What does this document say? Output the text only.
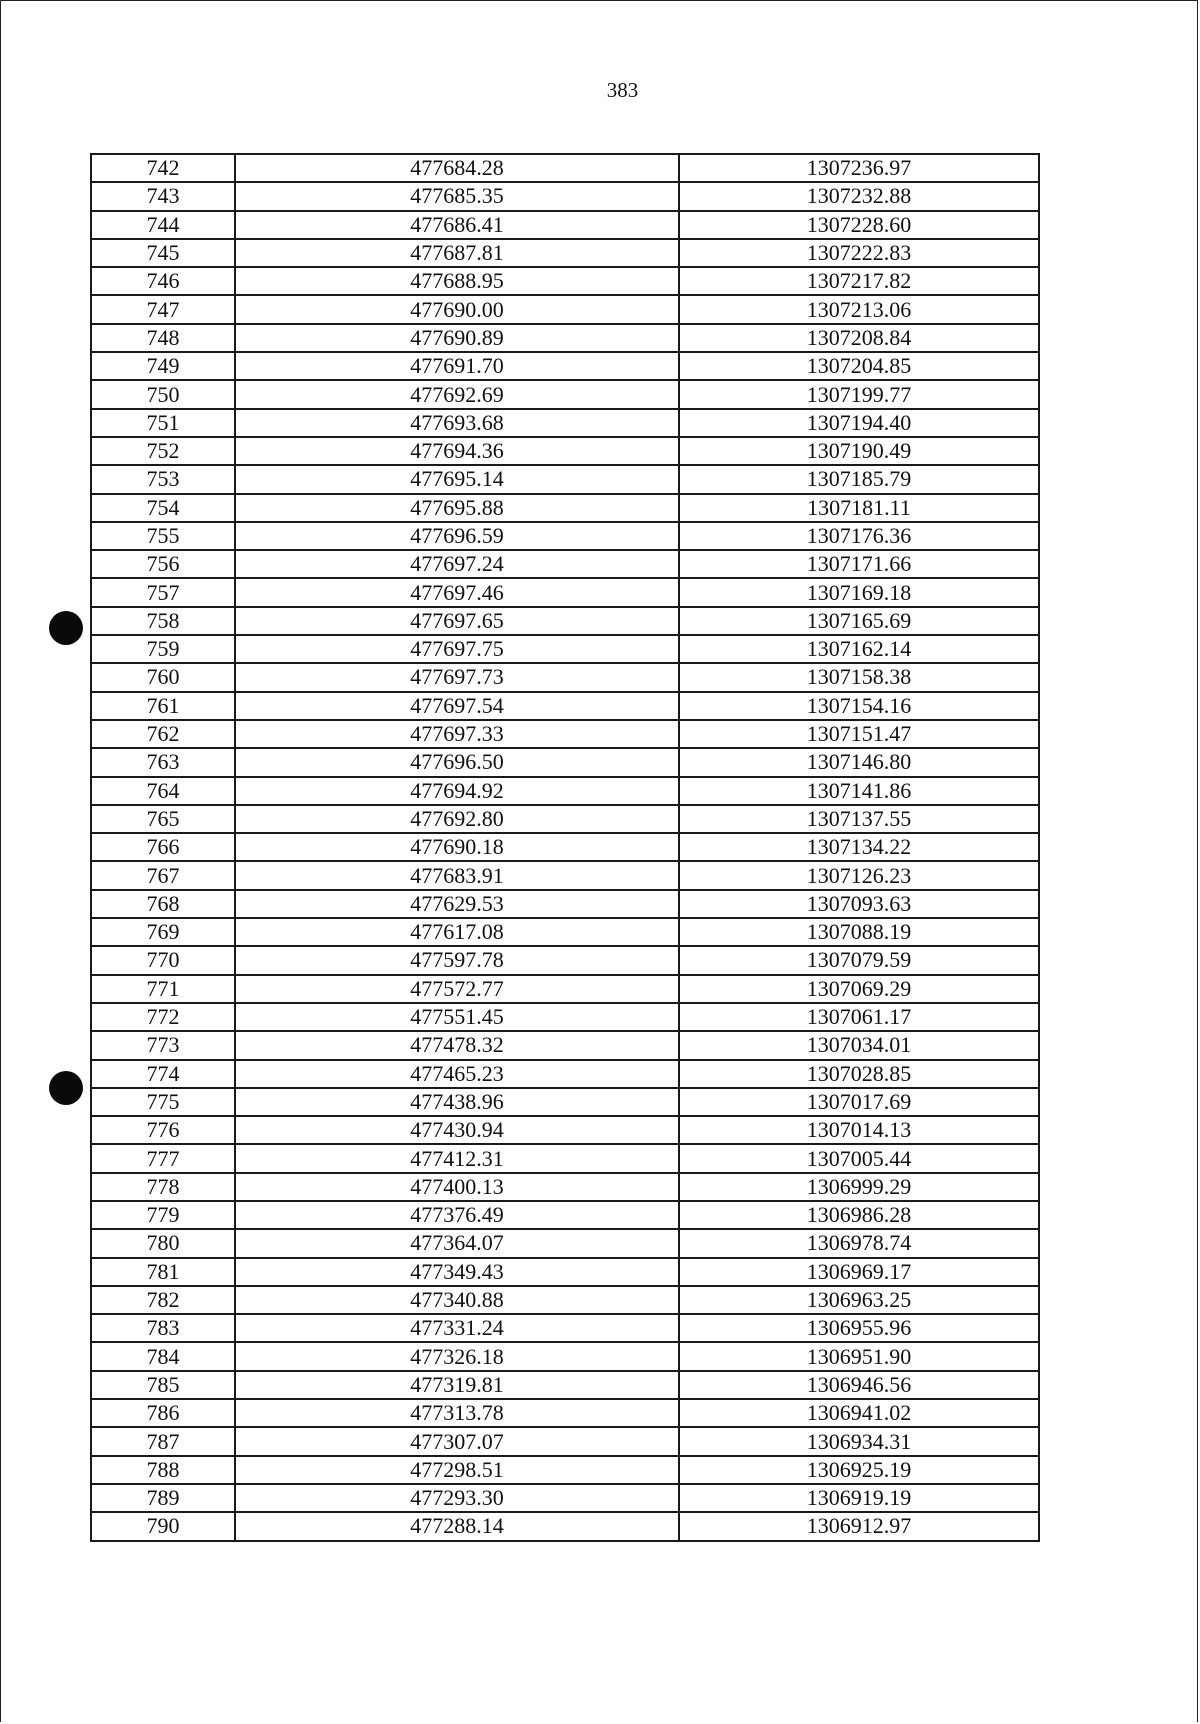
383
742	477684.28	1307236.97
743	477685.35	1307232.88
744	477686.41	1307228.60
745	477687.81	1307222.83
746	477688.95	1307217.82
747	477690.00	1307213.06
748	477690.89	1307208.84
749	477691.70	1307204.85
750	477692.69	1307199.77
751	477693.68	1307194.40
752	477694.36	1307190.49
753	477695.14	1307185.79
754	477695.88	1307181.11
755	477696.59	1307176.36
756	477697.24	1307171.66
757	477697.46	1307169.18
758	477697.65	1307165.69
759	477697.75	1307162.14
760	477697.73	1307158.38
761	477697.54	1307154.16
762	477697.33	1307151.47
763	477696.50	1307146.80
764	477694.92	1307141.86
765	477692.80	1307137.55
766	477690.18	1307134.22
767	477683.91	1307126.23
768	477629.53	1307093.63
769	477617.08	1307088.19
770	477597.78	1307079.59
771	477572.77	1307069.29
772	477551.45	1307061.17
773	477478.32	1307034.01
774	477465.23	1307028.85
775	477438.96	1307017.69
776	477430.94	1307014.13
777	477412.31	1307005.44
778	477400.13	1306999.29
779	477376.49	1306986.28
780	477364.07	1306978.74
781	477349.43	1306969.17
782	477340.88	1306963.25
783	477331.24	1306955.96
784	477326.18	1306951.90
785	477319.81	1306946.56
786	477313.78	1306941.02
787	477307.07	1306934.31
788	477298.51	1306925.19
789	477293.30	1306919.19
790	477288.14	1306912.97
